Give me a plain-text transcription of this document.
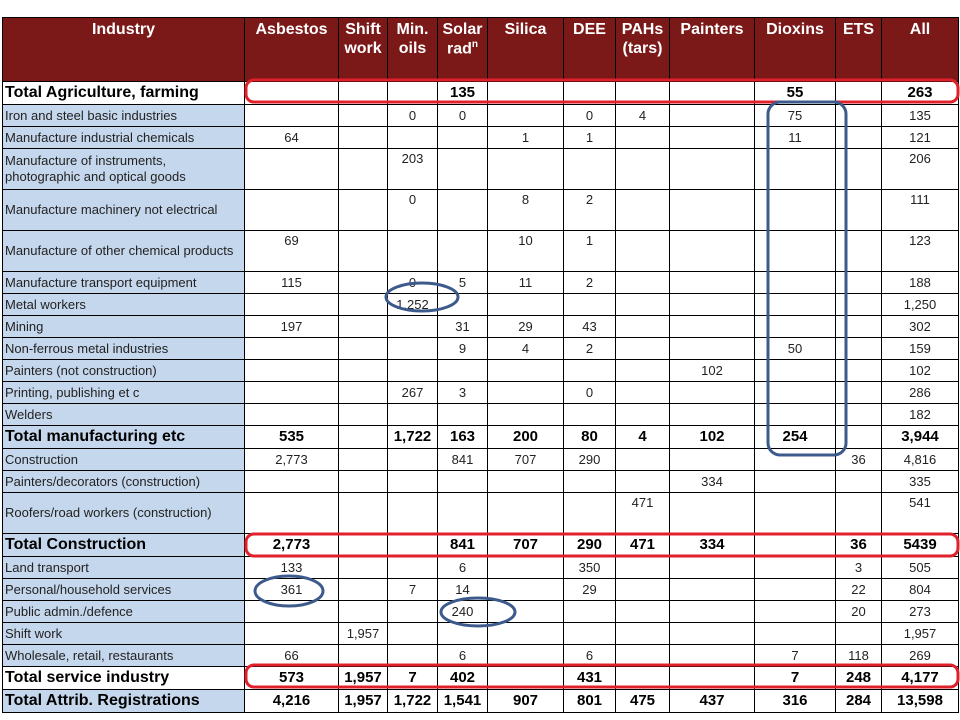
Industry	Asbestos	Shift work	Min. oils	Solar rad$^n$	Silica	DEE	PAHs (tars)	Painters	Dioxins	ETS	All
Total Agriculture, farming				135					55		263
Iron and steel basic industries			0	0		0	4		75		135
Manufacture industrial chemicals	64				1	1			11		121
Manufacture of instruments, photographic and optical goods			203								206
Manufacture machinery not electrical			0		8	2					111
Manufacture of other chemical products	69				10	1					123
Manufacture transport equipment	115		0	5	11	2					188
Metal workers			1,252								1,250
Mining	197			31	29	43					302
Non-ferrous metal industries				9	4	2			50		159
Painters (not construction)								102			102
Printing, publishing et c			267	3		0					286
Welders											182
Total manufacturing etc	535		1,722	163	200	80	4	102	254		3,944
Construction	2,773			841	707	290				36	4,816
Painters/decorators (construction)								334			335
Roofers/road workers (construction)							471				541
Total Construction	2,773			841	707	290	471	334		36	5439
Land transport	133			6		350				3	505
Personal/household services	361		7	14		29				22	804
Public admin./defence				240						20	273
Shift work		1,957									1,957
Wholesale, retail, restaurants	66			6		6			7	118	269
Total service industry	573	1,957	7	402		431			7	248	4,177
Total Attrib. Registrations	4,216	1,957	1,722	1,541	907	801	475	437	316	284	13,598
